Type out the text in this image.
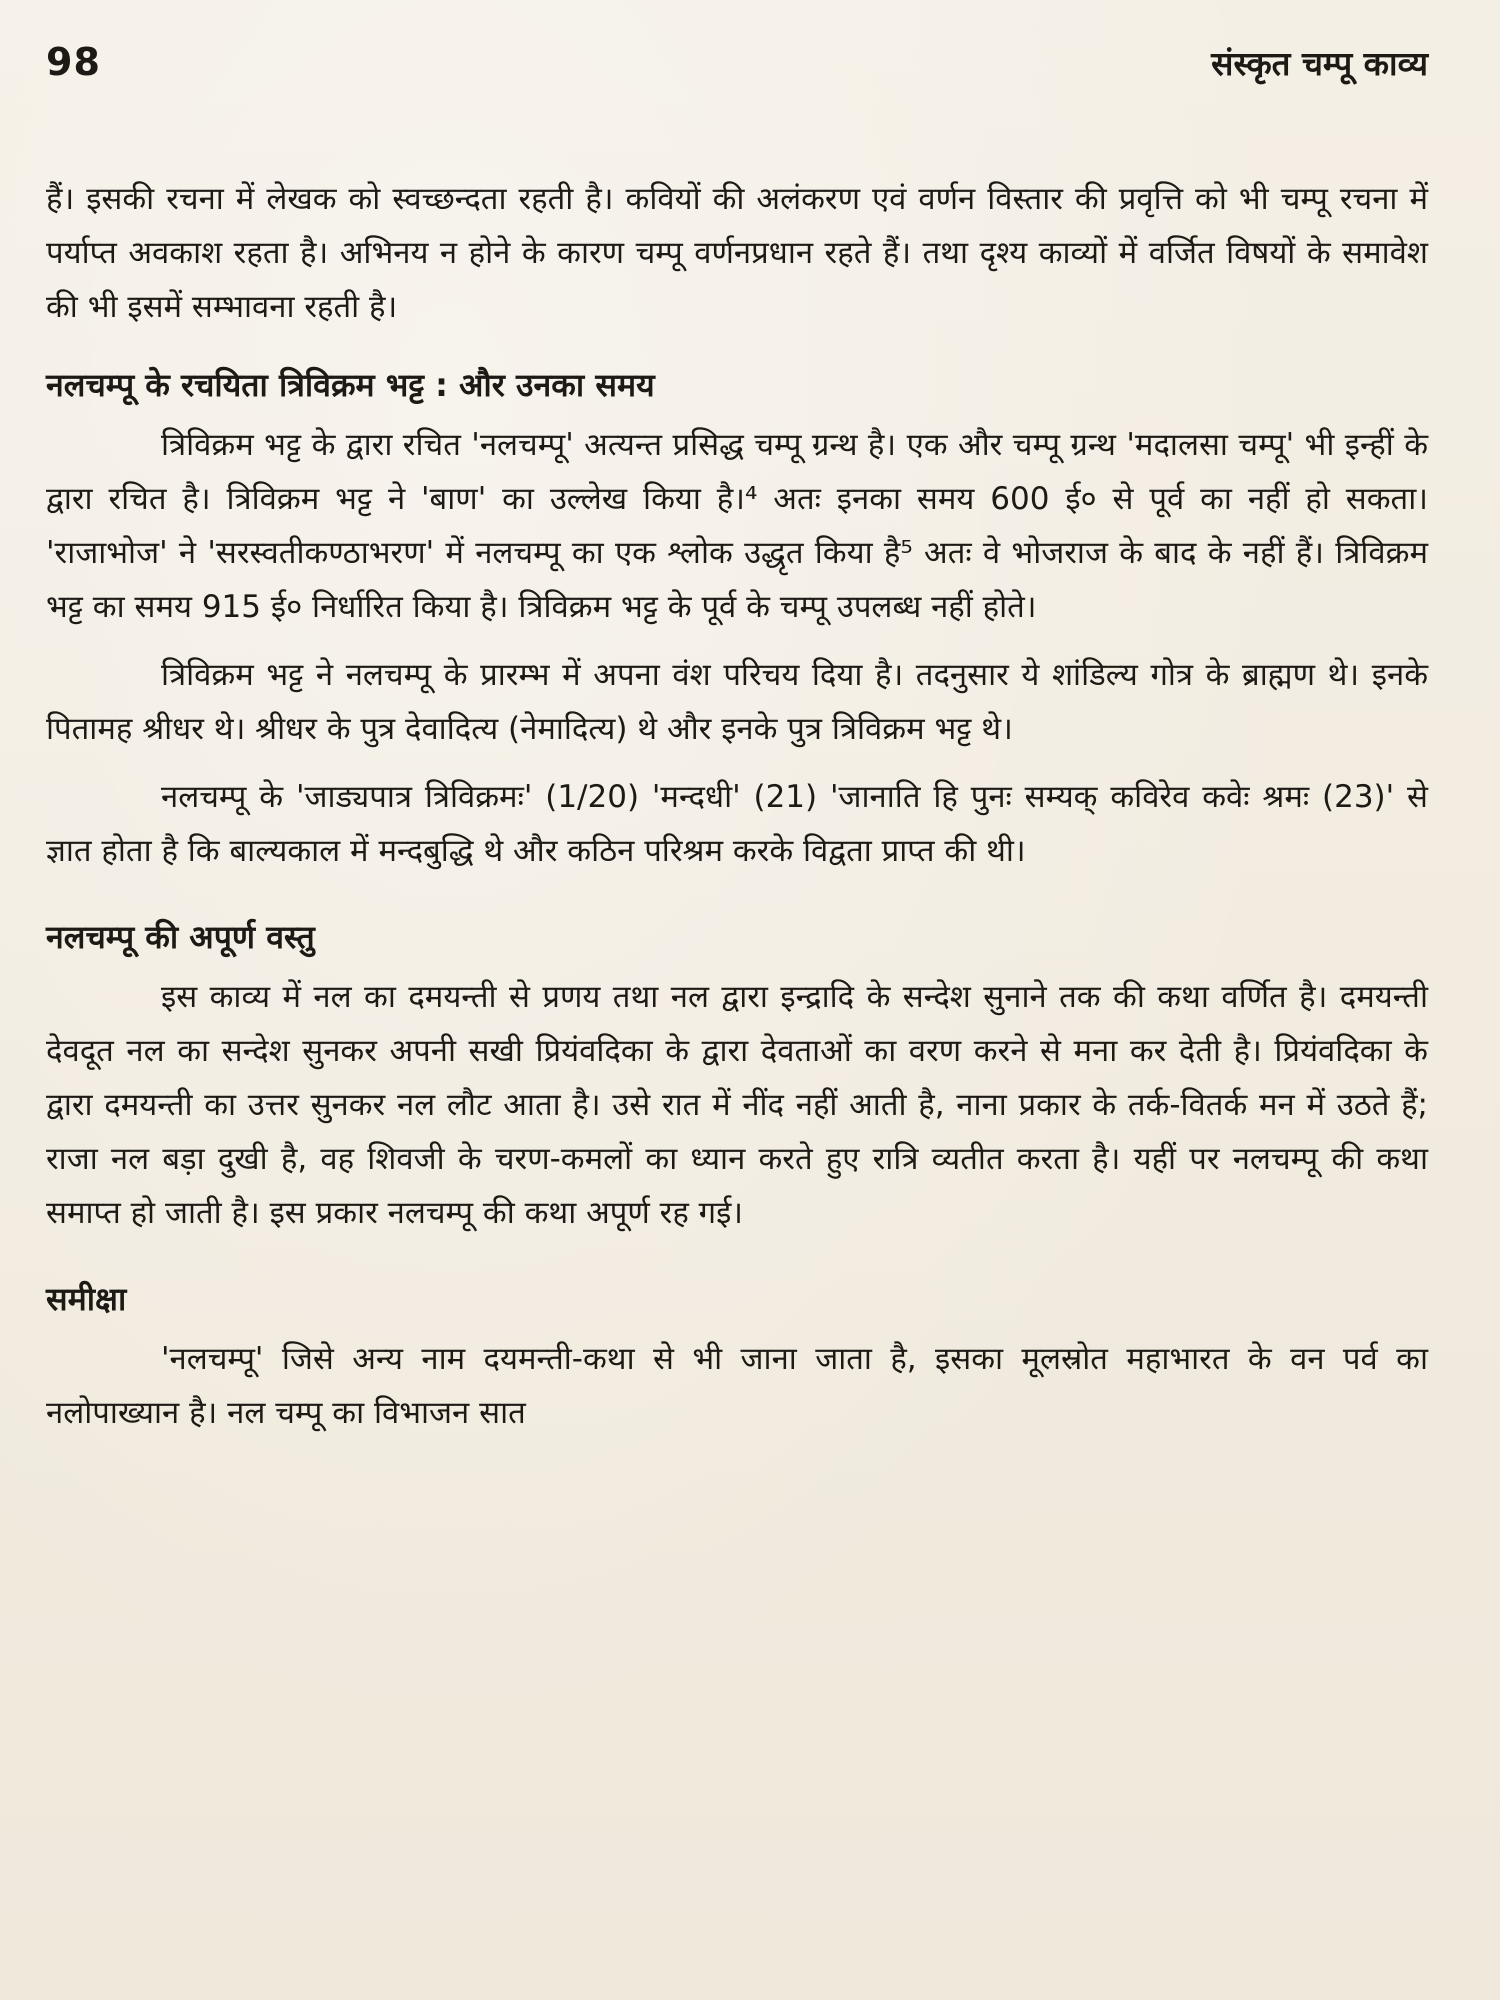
98	संस्कृत चम्पू काव्य

हैं। इसकी रचना में लेखक को स्वच्छन्दता रहती है। कवियों की अलंकरण एवं वर्णन विस्तार की प्रवृत्ति को भी चम्पू रचना में पर्याप्त अवकाश रहता है। अभिनय न होने के कारण चम्पू वर्णनप्रधान रहते हैं। तथा दृश्य काव्यों में वर्जित विषयों के समावेश की भी इसमें सम्भावना रहती है।

नलचम्पू के रचयिता त्रिविक्रम भट्ट : और उनका समय

त्रिविक्रम भट्ट के द्वारा रचित 'नलचम्पू' अत्यन्त प्रसिद्ध चम्पू ग्रन्थ है। एक और चम्पू ग्रन्थ 'मदालसा चम्पू' भी इन्हीं के द्वारा रचित है। त्रिविक्रम भट्ट ने 'बाण' का उल्लेख किया है।⁴ अतः इनका समय 600 ई० से पूर्व का नहीं हो सकता। 'राजाभोज' ने 'सरस्वतीकण्ठाभरण' में नलचम्पू का एक श्लोक उद्धृत किया है⁵ अतः वे भोजराज के बाद के नहीं हैं। त्रिविक्रम भट्ट का समय 915 ई० निर्धारित किया है। त्रिविक्रम भट्ट के पूर्व के चम्पू उपलब्ध नहीं होते।

त्रिविक्रम भट्ट ने नलचम्पू के प्रारम्भ में अपना वंश परिचय दिया है। तदनुसार ये शांडिल्य गोत्र के ब्राह्मण थे। इनके पितामह श्रीधर थे। श्रीधर के पुत्र देवादित्य (नेमादित्य) थे और इनके पुत्र त्रिविक्रम भट्ट थे।

नलचम्पू के 'जाड्यपात्र त्रिविक्रमः' (1/20) 'मन्दधी' (21) 'जानाति हि पुनः सम्यक् कविरेव कवेः श्रमः (23)' से ज्ञात होता है कि बाल्यकाल में मन्दबुद्धि थे और कठिन परिश्रम करके विद्वता प्राप्त की थी।

नलचम्पू की अपूर्ण वस्तु

इस काव्य में नल का दमयन्ती से प्रणय तथा नल द्वारा इन्द्रादि के सन्देश सुनाने तक की कथा वर्णित है। दमयन्ती देवदूत नल का सन्देश सुनकर अपनी सखी प्रियंवदिका के द्वारा देवताओं का वरण करने से मना कर देती है। प्रियंवदिका के द्वारा दमयन्ती का उत्तर सुनकर नल लौट आता है। उसे रात में नींद नहीं आती है, नाना प्रकार के तर्क-वितर्क मन में उठते हैं; राजा नल बड़ा दुखी है, वह शिवजी के चरण-कमलों का ध्यान करते हुए रात्रि व्यतीत करता है। यहीं पर नलचम्पू की कथा समाप्त हो जाती है। इस प्रकार नलचम्पू की कथा अपूर्ण रह गई।

समीक्षा

'नलचम्पू' जिसे अन्य नाम दयमन्ती-कथा से भी जाना जाता है, इसका मूलस्रोत महाभारत के वन पर्व का नलोपाख्यान है। नल चम्पू का विभाजन सात
